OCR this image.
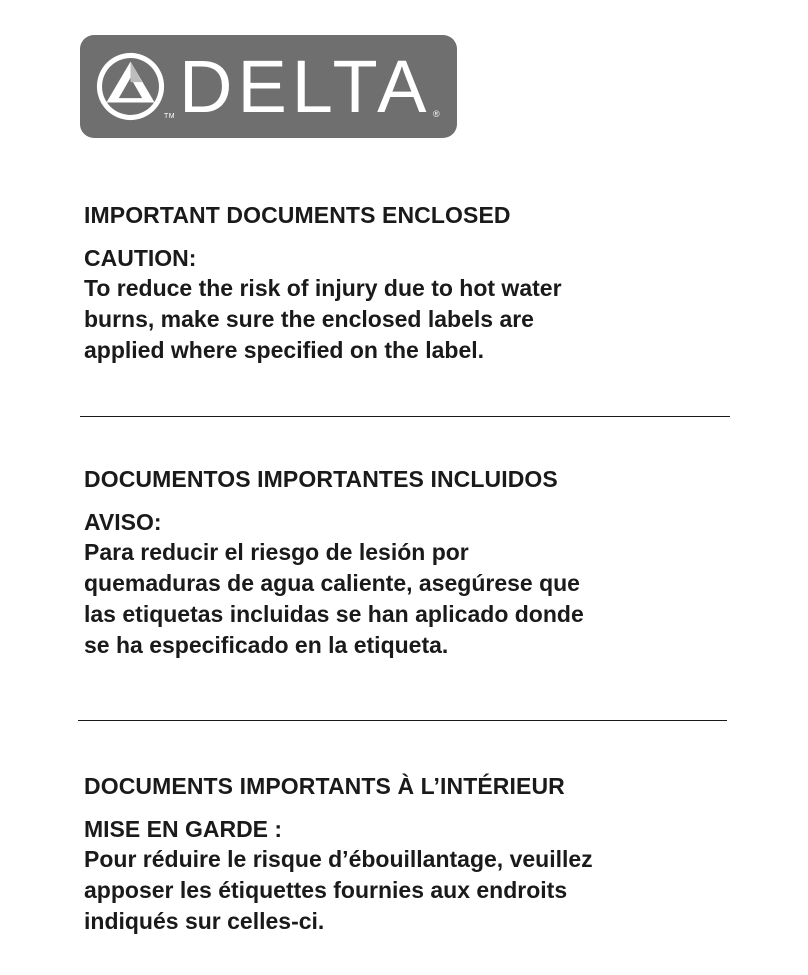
TM DELTA ®

IMPORTANT DOCUMENTS ENCLOSED

CAUTION:

To reduce the risk of injury due to hot water

burns, make sure the enclosed labels are

applied where specified on the label.

DOCUMENTOS IMPORTANTES INCLUIDOS

AVISO:

Para reducir el riesgo de lesión por

quemaduras de agua caliente, asegúrese que

las etiquetas incluidas se han aplicado donde

se ha especificado en la etiqueta.

DOCUMENTS IMPORTANTS À L’INTÉRIEUR

MISE EN GARDE :

Pour réduire le risque d’ébouillantage, veuillez

apposer les étiquettes fournies aux endroits

indiqués sur celles-ci.
